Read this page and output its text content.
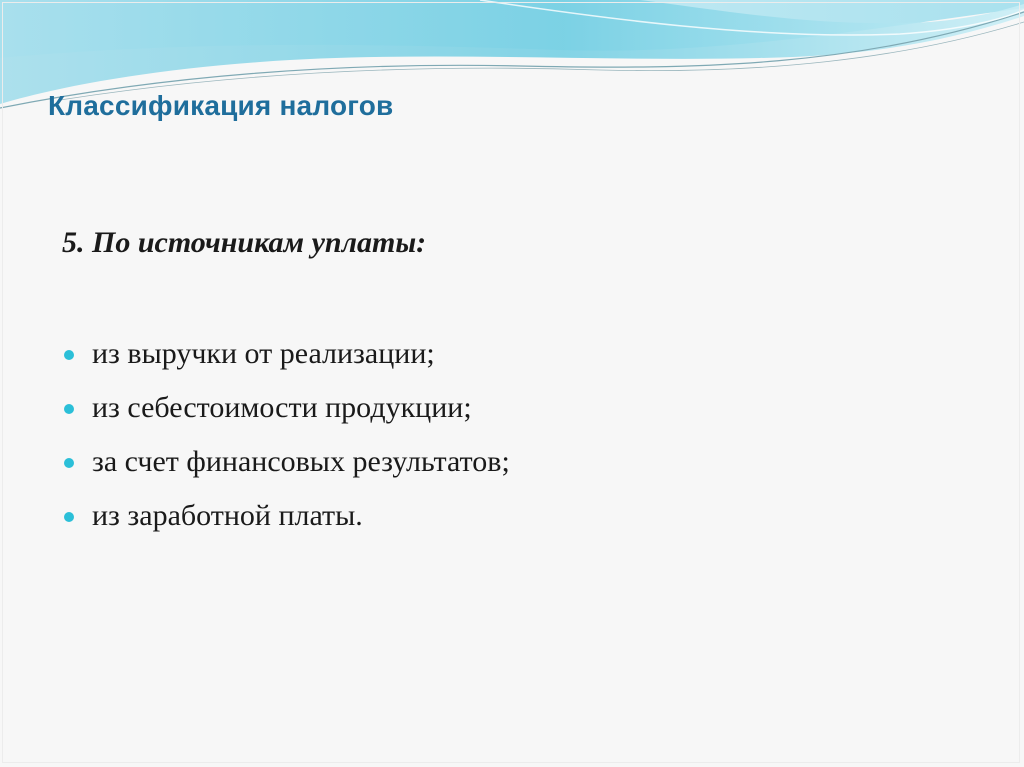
Классификация налогов

5. По источникам уплаты:

из выручки от реализации;
из себестоимости продукции;
за счет финансовых результатов;
из заработной платы.
